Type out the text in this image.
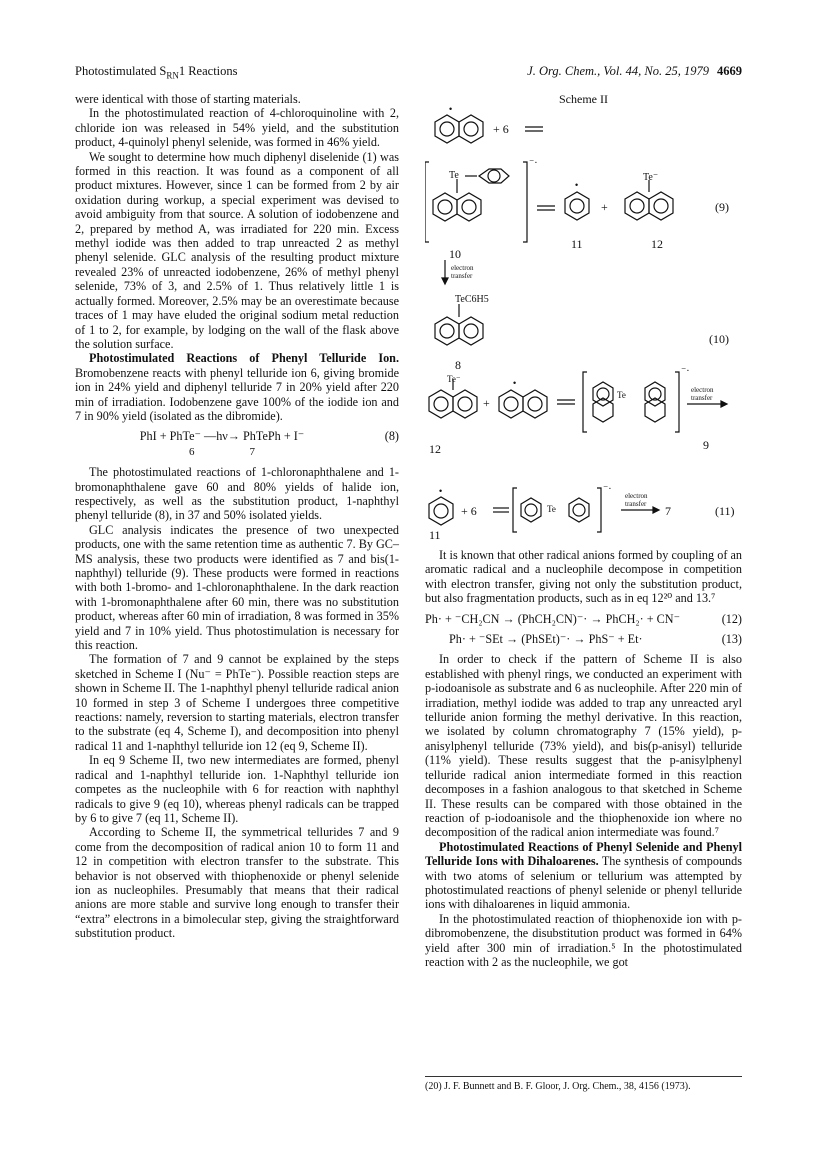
Photostimulated $S_{RN}1$ Reactions	J. Org. Chem., Vol. 44, No. 25, 1979 4669

were identical with those of starting materials.

In the photostimulated reaction of 4-chloroquinoline with 2, chloride ion was released in 54% yield, and the substitution product, 4-quinolyl phenyl selenide, was formed in 46% yield.

We sought to determine how much diphenyl diselenide (1) was formed in this reaction. It was found as a component of all product mixtures. However, since 1 can be formed from 2 by air oxidation during workup, a special experiment was devised to avoid ambiguity from that source. A solution of iodobenzene and 2, prepared by method A, was irradiated for 220 min. Excess methyl iodide was then added to trap unreacted 2 as methyl phenyl selenide. GLC analysis of the resulting product mixture revealed 23% of unreacted iodobenzene, 26% of methyl phenyl selenide, 73% of 3, and 2.5% of 1. Thus relatively little 1 is actually formed. Moreover, 2.5% may be an overestimate because traces of 1 may have eluded the original sodium metal reduction of 1 to 2, for example, by lodging on the wall of the flask above the solution surface.

Photostimulated Reactions of Phenyl Telluride Ion. Bromobenzene reacts with phenyl telluride ion 6, giving bromide ion in 24% yield and diphenyl telluride 7 in 20% yield after 220 min of irradiation. Iodobenzene gave 100% of the iodide ion and 7 in 90% yield (isolated as the dibromide).

PhI + PhTe⁻ —hν→ PhTePh + I⁻
6                    7
(8)

The photostimulated reactions of 1-chloronaphthalene and 1-bromonaphthalene gave 60 and 80% yields of halide ion, respectively, as well as the substitution product, 1-naphthyl phenyl telluride (8), in 37 and 50% isolated yields.

GLC analysis indicates the presence of two unexpected products, one with the same retention time as authentic 7. By GC–MS analysis, these two products were identified as 7 and bis(1-naphthyl) telluride (9). These products were formed in reactions with both 1-bromo- and 1-chloronaphthalene. In the dark reaction with 1-bromonaphthalene after 60 min, there was no substitution product, whereas after 60 min of irradiation, 8 was formed in 35% yield and 7 in 10% yield. Thus photostimulation is necessary for this reaction.

The formation of 7 and 9 cannot be explained by the steps sketched in Scheme I (Nu⁻ = PhTe⁻). Possible reaction steps are shown in Scheme II. The 1-naphthyl phenyl telluride radical anion 10 formed in step 3 of Scheme I undergoes three competitive reactions: namely, reversion to starting materials, electron transfer to the substrate (eq 4, Scheme I), and decomposition into phenyl radical 11 and 1-naphthyl telluride ion 12 (eq 9, Scheme II).

In eq 9 Scheme II, two new intermediates are formed, phenyl radical and 1-naphthyl telluride ion. 1-Naphthyl telluride ion competes as the nucleophile with 6 for reaction with naphthyl radicals to give 9 (eq 10), whereas phenyl radicals can be trapped by 6 to give 7 (eq 11, Scheme II).

According to Scheme II, the symmetrical tellurides 7 and 9 come from the decomposition of radical anion 10 to form 11 and 12 in competition with electron transfer to the substrate. This behavior is not observed with thiophenoxide or phenyl selenide ion as nucleophiles. Presumably that means that their radical anions are more stable and survive long enough to transfer their “extra” electrons in a bimolecular step, giving the straightforward substitution product.

Scheme II
•
•
•
•
+ 6
⁻·
Te	Te⁻
+	(9)
10
11	12
electron
transfer
TeC6H5
(10)
8
Te⁻
+
Te
⁻·
electron
transfer
12	9
+ 6	Te
⁻·
electron
transfer 7	(11)
11

It is known that other radical anions formed by coupling of an aromatic radical and a nucleophile decompose in competition with electron transfer, giving not only the substitution product, but also fragmentation products, such as in eq 12²⁰ and 13.⁷

Ph· + ⁻CH₂CN → (PhCH₂CN)⁻· → PhCH₂· + CN⁻	(12)
Ph· + ⁻SEt → (PhSEt)⁻· → PhS⁻ + Et·	(13)

In order to check if the pattern of Scheme II is also established with phenyl rings, we conducted an experiment with p-iodoanisole as substrate and 6 as nucleophile. After 220 min of irradiation, methyl iodide was added to trap any unreacted aryl telluride anion forming the methyl derivative. In this reaction, we isolated by column chromatography 7 (15% yield), p-anisylphenyl telluride (73% yield), and bis(p-anisyl) telluride (11% yield). These results suggest that the p-anisylphenyl telluride radical anion intermediate formed in this reaction decomposes in a fashion analogous to that sketched in Scheme II. These results can be compared with those obtained in the reaction of p-iodoanisole and the thiophenoxide ion where no decomposition of the radical anion intermediate was found.⁷

Photostimulated Reactions of Phenyl Selenide and Phenyl Telluride Ions with Dihaloarenes. The synthesis of compounds with two atoms of selenium or tellurium was attempted by photostimulated reactions of phenyl selenide or phenyl telluride ions with dihaloarenes in liquid ammonia.

In the photostimulated reaction of thiophenoxide ion with p-dibromobenzene, the disubstitution product was formed in 64% yield after 300 min of irradiation.⁵ In the photostimulated reaction with 2 as the nucleophile, we got

(20) J. F. Bunnett and B. F. Gloor, J. Org. Chem., 38, 4156 (1973).
